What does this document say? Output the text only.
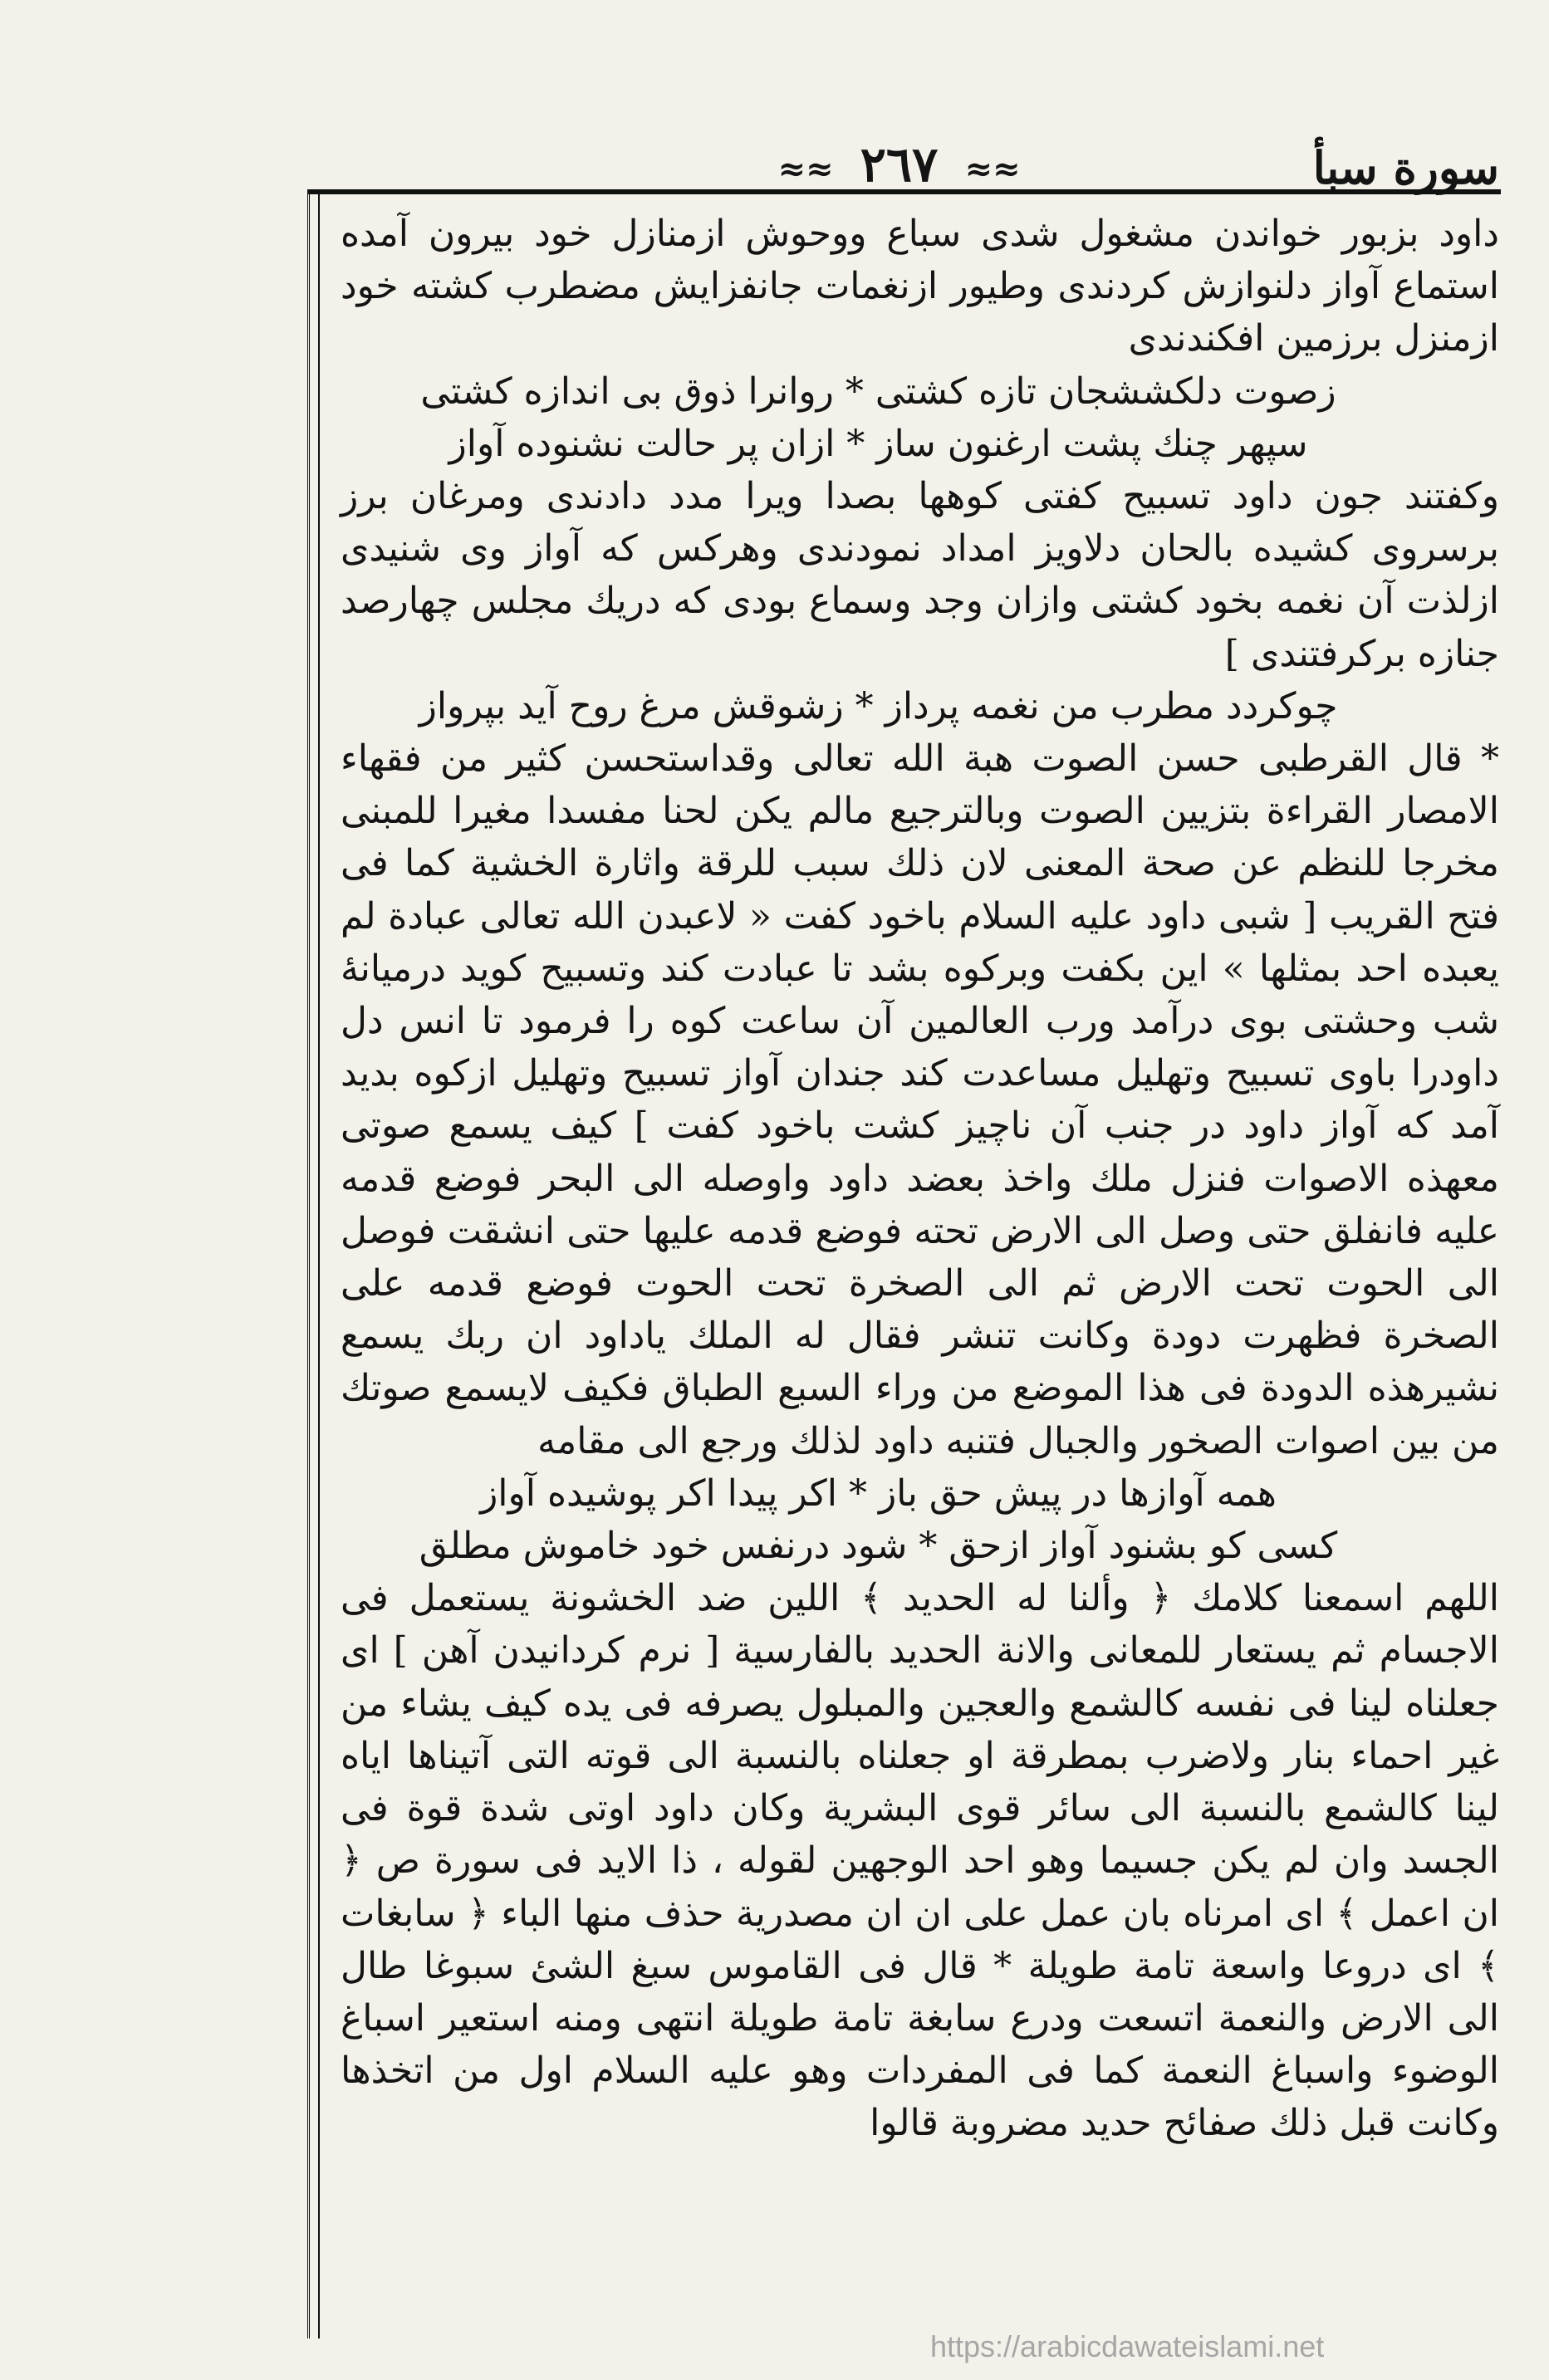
سورة سبأ
≈≈ ٢٦٧ ≈≈

داود بزبور خواندن مشغول شدى سباع ووحوش ازمنازل خود بيرون آمده استماع آواز دلنوازش كردندى وطيور ازنغمات جانفزايش مضطرب كشته خود ازمنزل برزمين افكندندى

زصوت دلكششجان تازه كشتى * روانرا ذوق بى اندازه كشتى

سپهر چنك پشت ارغنون ساز * ازان پر حالت نشنوده آواز

وكفتند جون داود تسبيح كفتى كوهها بصدا ويرا مدد دادندى ومرغان برز برسروى كشيده بالحان دلاويز امداد نمودندى وهركس كه آواز وى شنيدى ازلذت آن نغمه بخود كشتى وازان وجد وسماع بودى كه دريك مجلس چهارصد جنازه بركرفتندى ]

چوكردد مطرب من نغمه پرداز * زشوقش مرغ روح آيد بپرواز

* قال القرطبى حسن الصوت هبة الله تعالى وقداستحسن كثير من فقهاء الامصار القراءة بتزيين الصوت وبالترجيع مالم يكن لحنا مفسدا مغيرا للمبنى مخرجا للنظم عن صحة المعنى لان ذلك سبب للرقة واثارة الخشية كما فى فتح القريب [ شبى داود عليه السلام باخود كفت « لاعبدن الله تعالى عبادة لم يعبده احد بمثلها » اين بكفت وبركوه بشد تا عبادت كند وتسبيح كويد درميانهٔ شب وحشتى بوى درآمد ورب العالمين آن ساعت كوه را فرمود تا انس دل داودرا باوى تسبيح وتهليل مساعدت كند جندان آواز تسبيح وتهليل ازكوه بديد آمد كه آواز داود در جنب آن ناچيز كشت باخود كفت ] كيف يسمع صوتى معهذه الاصوات فنزل ملك واخذ بعضد داود واوصله الى البحر فوضع قدمه عليه فانفلق حتى وصل الى الارض تحته فوضع قدمه عليها حتى انشقت فوصل الى الحوت تحت الارض ثم الى الصخرة تحت الحوت فوضع قدمه على الصخرة فظهرت دودة وكانت تنشر فقال له الملك ياداود ان ربك يسمع نشيرهذه الدودة فى هذا الموضع من وراء السبع الطباق فكيف لايسمع صوتك من بين اصوات الصخور والجبال فتنبه داود لذلك ورجع الى مقامه

همه آوازها در پيش حق باز * اكر پيدا اكر پوشيده آواز

كسى كو بشنود آواز ازحق * شود درنفس خود خاموش مطلق

اللهم اسمعنا كلامك ﴿ وألنا له الحديد ﴾ اللين ضد الخشونة يستعمل فى الاجسام ثم يستعار للمعانى والانة الحديد بالفارسية [ نرم كردانيدن آهن ] اى جعلناه لينا فى نفسه كالشمع والعجين والمبلول يصرفه فى يده كيف يشاء من غير احماء بنار ولاضرب بمطرقة او جعلناه بالنسبة الى قوته التى آتيناها اياه لينا كالشمع بالنسبة الى سائر قوى البشرية وكان داود اوتى شدة قوة فى الجسد وان لم يكن جسيما وهو احد الوجهين لقوله ، ذا الايد فى سورة ص ﴿ ان اعمل ﴾ اى امرناه بان عمل على ان ان مصدرية حذف منها الباء ﴿ سابغات ﴾ اى دروعا واسعة تامة طويلة * قال فى القاموس سبغ الشئ سبوغا طال الى الارض والنعمة اتسعت ودرع سابغة تامة طويلة انتهى ومنه استعير اسباغ الوضوء واسباغ النعمة كما فى المفردات وهو عليه السلام اول من اتخذها وكانت قبل ذلك صفائح حديد مضروبة قالوا

https://arabicdawateislami.net
